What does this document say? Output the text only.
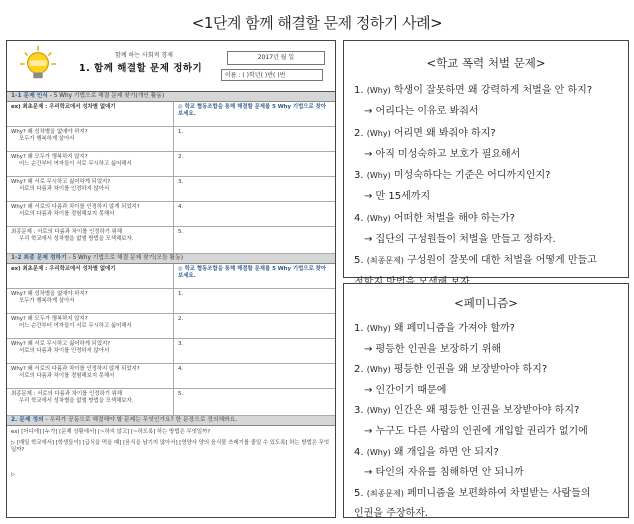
<1단계 함께 해결할 문제 정하기 사례>
함께 하는 사회적 경제
1. 함께 해결할 문제 정하기
2017년 월 일
이름 : ( )학년( )반( )번
1-1 문제 인식 - 5 Why 기법으로 해결 문제 찾기(개인 활동)
ex) 최초문제 : 우리학교에서 성차별 없애기	◎ 학교 협동조합을 통해 해결할 문제를 5 Why 기법으로 찾아보세요.

Why? 왜 성차별을 없애야 하지?
모두가 행복하게 살아서	1.

Why? 왜 모두가 행복하지 않지?
어느 순간부터 여자들이 서로 무시하고 싫어해서	2.

Why? 왜 서로 무시하고 싫어하게 되었지?
서로의 다름과 차이를 인정하지 않아서	3.

Why? 왜 서로의 다름과 차이를 인정하지 않게 되었지?
서로의 다름과 차이를 경험해보지 못해서	4.

최종문제 : 서로의 다름과 차이를 인정하기 위해
우리 학교에서 성차별을 없앨 방법을 모색해보자.	5.
1-2 최종 문제 정하기 - 5 Why 기법으로 해결 문제 찾기(모둠 활동)
ex) 최초문제 : 우리학교에서 성차별 없애기	◎ 학교 협동조합을 통해 해결할 문제를 5 Why 기법으로 찾아보세요.

Why? 왜 성차별을 없애야 하지?
모두가 행복하게 살아서	1.

Why? 왜 모두가 행복하지 않지?
어느 순간부터 여자들이 서로 무시하고 싫어해서	2.

Why? 왜 서로 무시하고 싫어하게 되었지?
서로의 다름과 차이를 인정하지 않아서	3.

Why? 왜 서로의 다름과 차이를 인정하지 않게 되었지?
서로의 다름과 차이를 경험해보지 못해서	4.

최종문제 : 서로의 다름과 차이를 인정하기 위해
우리 학교에서 성차별을 없앨 방법을 모색해보자.	5.
2. 문제 정의 - 우리가 공동으로 해결해야 할 문제는 무엇인가요? 한 문장으로 정의해봐요.
ex) [어디에] [누가] [문제 상황에서] [~하지 않고] [~하도록] 하는 방법은 무엇일까?
▷ [매일 학교에서] [학생들이] [급식을 먹을 때] [음식을 남기지 않아서] [영양사 양의 음식물 쓰레기를 줄일 수 있도록] 하는 방법은 무엇일까?
▷
<학교 폭력 처벌 문제>
1. (Why) 학생이 잘못하면 왜 강력하게 처벌을 안 하지?
→ 어리다는 이유로 봐줘서
2. (Why) 어리면 왜 봐줘야 하지?
→ 아직 미성숙하고 보호가 필요해서
3. (Why) 미성숙하다는 기준은 어디까지인지?
→ 만 15세까지
4. (Why) 어떠한 처벌을 해야 하는가?
→ 집단의 구성원들이 처벌을 만들고 정하자.
5. (최종문제) 구성원이 잘못에 대한 처벌을 어떻게 만들고
<페미니즘>
1. (Why) 왜 페미니즘을 가져야 할까?
→ 평등한 인권을 보장하기 위해
2. (Why) 평등한 인권을 왜 보장받아야 하지?
→ 인간이기 때문에
3. (Why) 인간은 왜 평등한 인권을 보장받아야 하지?
→ 누구도 다른 사람의 인권에 개입할 권리가 없기에
4. (Why) 왜 개입을 하면 안 되지?
→ 타인의 자유를 침해하면 안 되니까
5. (최종문제) 페미니즘을 보편화하여 차별받는 사람들의
인권을 주장하자.
